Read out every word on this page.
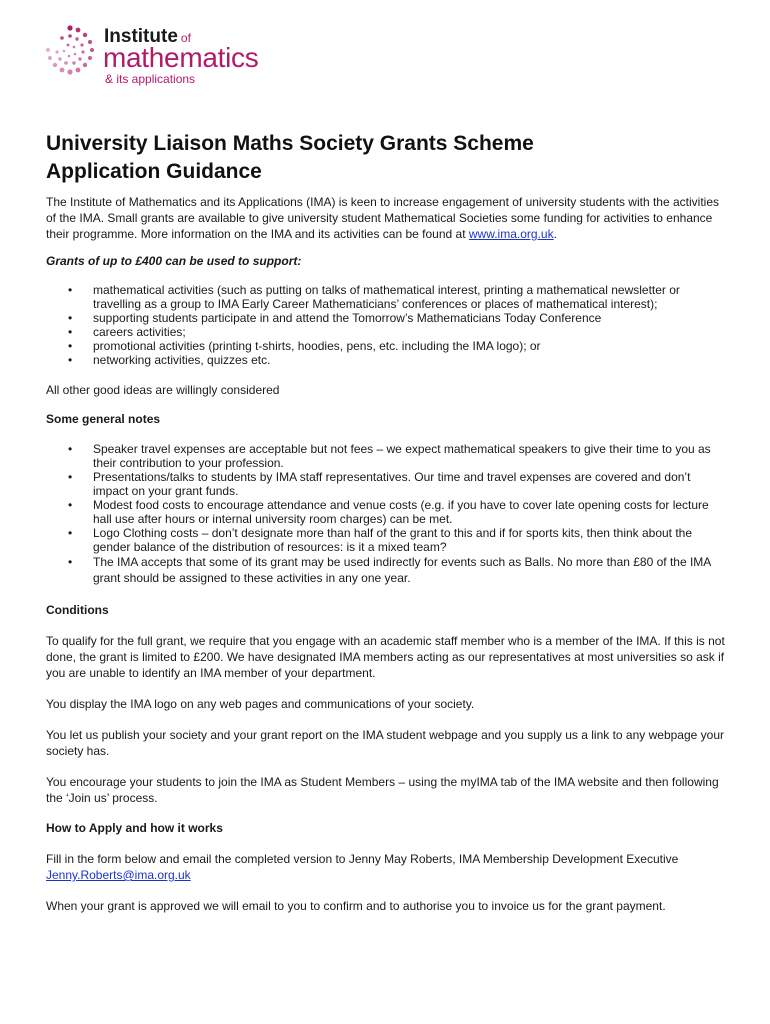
Institute of
mathematics
& its applications
University Liaison Maths Society Grants Scheme
Application Guidance

The Institute of Mathematics and its Applications (IMA) is keen to increase engagement of university students with the activities of the IMA. Small grants are available to give university student Mathematical Societies some funding for activities to enhance their programme. More information on the IMA and its activities can be found at www.ima.org.uk.

Grants of up to £400 can be used to support:
• mathematical activities (such as putting on talks of mathematical interest, printing a mathematical newsletter or travelling as a group to IMA Early Career Mathematicians’ conferences or places of mathematical interest);
• supporting students participate in and attend the Tomorrow’s Mathematicians Today Conference
• careers activities;
• promotional activities (printing t-shirts, hoodies, pens, etc. including the IMA logo); or
• networking activities, quizzes etc.

All other good ideas are willingly considered

Some general notes
• Speaker travel expenses are acceptable but not fees – we expect mathematical speakers to give their time to you as their contribution to your profession.
• Presentations/talks to students by IMA staff representatives. Our time and travel expenses are covered and don’t impact on your grant funds.
• Modest food costs to encourage attendance and venue costs (e.g. if you have to cover late opening costs for lecture hall use after hours or internal university room charges) can be met.
• Logo Clothing costs – don’t designate more than half of the grant to this and if for sports kits, then think about the gender balance of the distribution of resources: is it a mixed team?
• The IMA accepts that some of its grant may be used indirectly for events such as Balls. No more than £80 of the IMA grant should be assigned to these activities in any one year.
Conditions

To qualify for the full grant, we require that you engage with an academic staff member who is a member of the IMA. If this is not done, the grant is limited to £200. We have designated IMA members acting as our representatives at most universities so ask if you are unable to identify an IMA member of your department.

You display the IMA logo on any web pages and communications of your society.

You let us publish your society and your grant report on the IMA student webpage and you supply us a link to any webpage your society has.

You encourage your students to join the IMA as Student Members – using the myIMA tab of the IMA website and then following the ‘Join us’ process.

How to Apply and how it works

Fill in the form below and email the completed version to Jenny May Roberts, IMA Membership Development Executive Jenny.Roberts@ima.org.uk

When your grant is approved we will email to you to confirm and to authorise you to invoice us for the grant payment.
